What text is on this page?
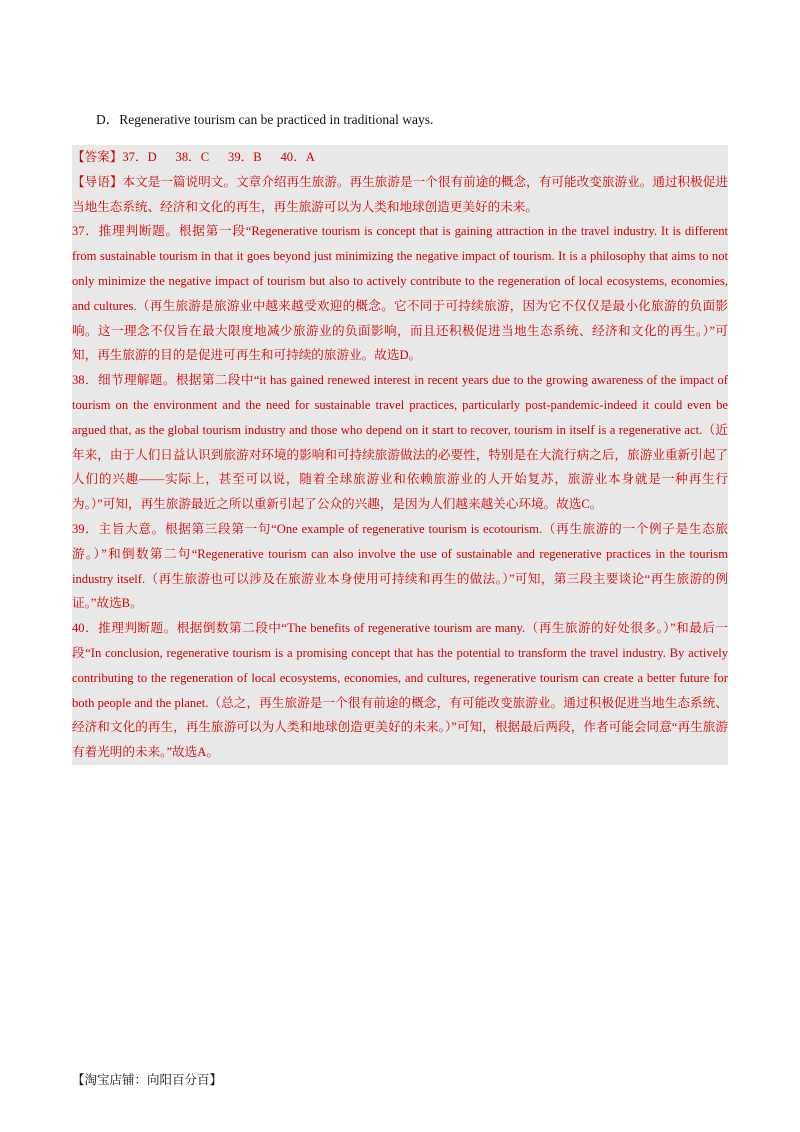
D．Regenerative tourism can be practiced in traditional ways.

【答案】37．D      38．C      39．B      40．A

【导语】本文是一篇说明文。文章介绍再生旅游。再生旅游是一个很有前途的概念，有可能改变旅游业。通过积极促进当地生态系统、经济和文化的再生，再生旅游可以为人类和地球创造更美好的未来。

37．推理判断题。根据第一段“Regenerative tourism is concept that is gaining attraction in the travel industry. It is different from sustainable tourism in that it goes beyond just minimizing the negative impact of tourism. It is a philosophy that aims to not only minimize the negative impact of tourism but also to actively contribute to the regeneration of local ecosystems, economies, and cultures.（再生旅游是旅游业中越来越受欢迎的概念。它不同于可持续旅游，因为它不仅仅是最小化旅游的负面影响。这一理念不仅旨在最大限度地减少旅游业的负面影响，而且还积极促进当地生态系统、经济和文化的再生。）”可知，再生旅游的目的是促进可再生和可持续的旅游业。故选D。

38．细节理解题。根据第二段中“it has gained renewed interest in recent years due to the growing awareness of the impact of tourism on the environment and the need for sustainable travel practices, particularly post-pandemic-indeed it could even be argued that, as the global tourism industry and those who depend on it start to recover, tourism in itself is a regenerative act.（近年来，由于人们日益认识到旅游对环境的影响和可持续旅游做法的必要性，特别是在大流行病之后，旅游业重新引起了人们的兴趣——实际上，甚至可以说，随着全球旅游业和依赖旅游业的人开始复苏，旅游业本身就是一种再生行为。）”可知，再生旅游最近之所以重新引起了公众的兴趣，是因为人们越来越关心环境。故选C。

39．主旨大意。根据第三段第一句“One example of regenerative tourism is ecotourism.（再生旅游的一个例子是生态旅游。）”和倒数第二句“Regenerative tourism can also involve the use of sustainable and regenerative practices in the tourism industry itself.（再生旅游也可以涉及在旅游业本身使用可持续和再生的做法。）”可知，第三段主要谈论“再生旅游的例证。”故选B。

40．推理判断题。根据倒数第二段中“The benefits of regenerative tourism are many.（再生旅游的好处很多。）”和最后一段“In conclusion, regenerative tourism is a promising concept that has the potential to transform the travel industry. By actively contributing to the regeneration of local ecosystems, economies, and cultures, regenerative tourism can create a better future for both people and the planet.（总之，再生旅游是一个很有前途的概念，有可能改变旅游业。通过积极促进当地生态系统、经济和文化的再生，再生旅游可以为人类和地球创造更美好的未来。）”可知，根据最后两段，作者可能会同意“再生旅游有着光明的未来。”故选A。

【淘宝店铺：向阳百分百】
